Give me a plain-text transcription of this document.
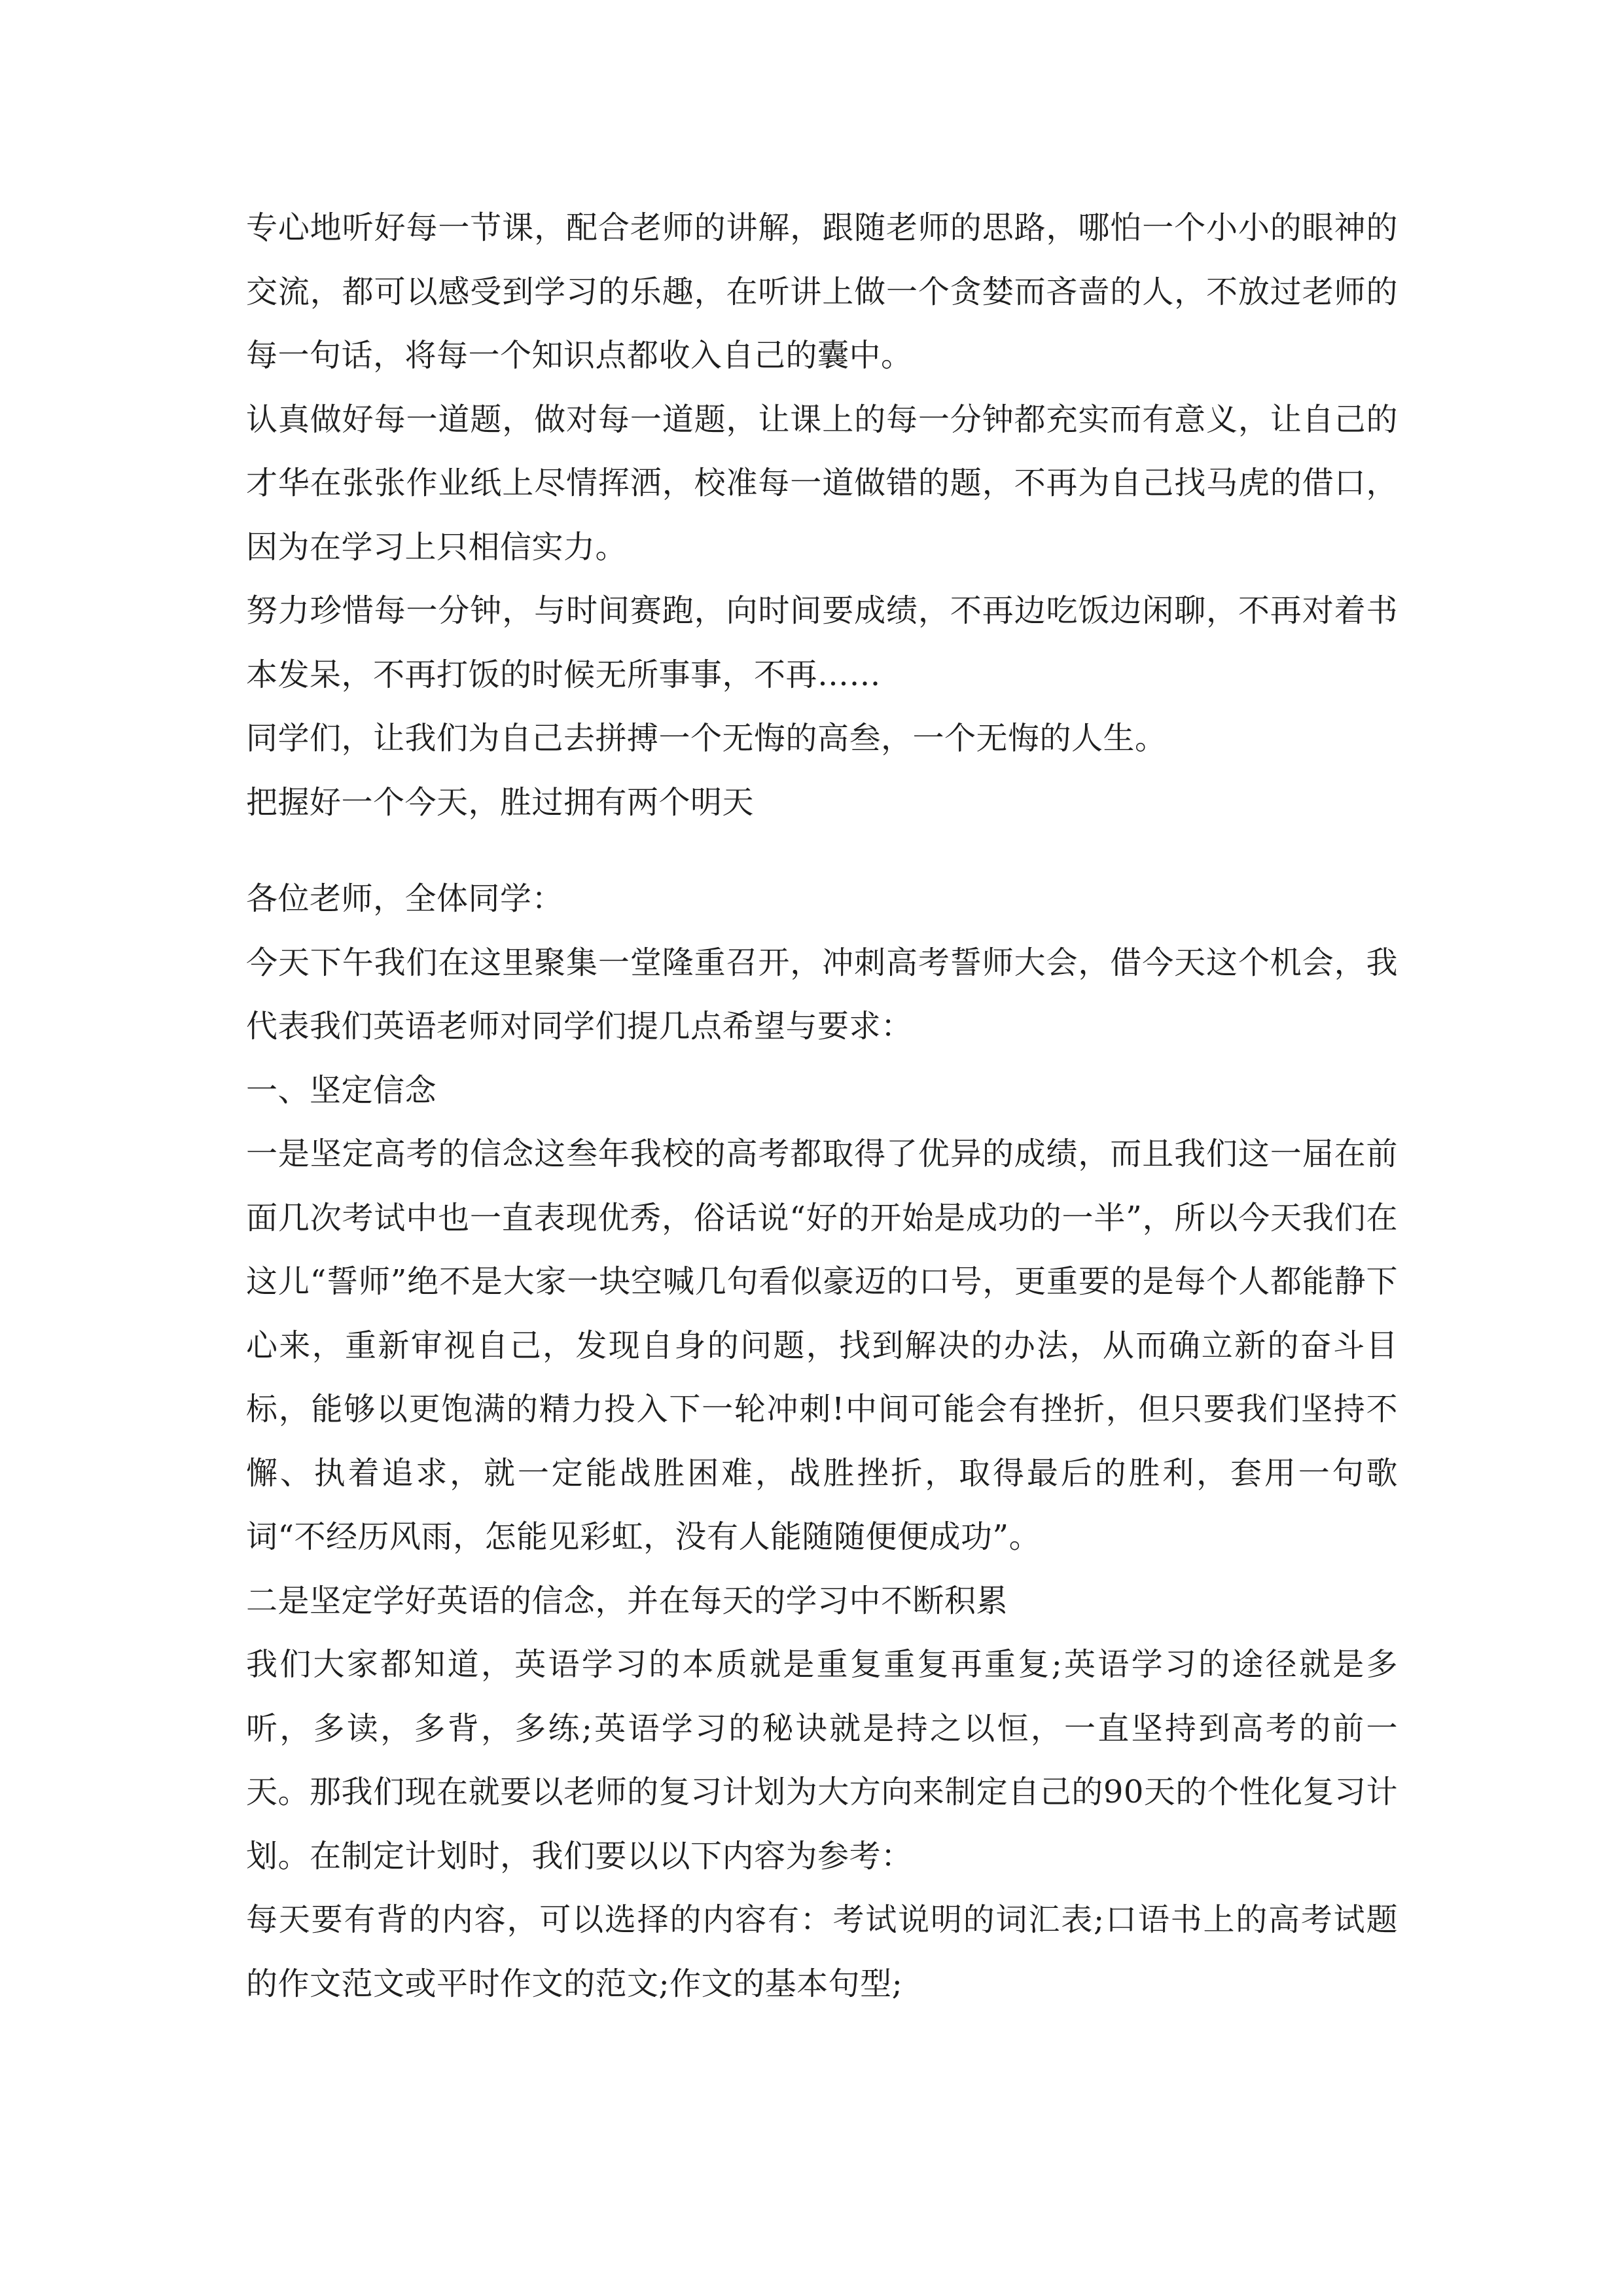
专心地听好每一节课，配合老师的讲解，跟随老师的思路，哪怕一个小小的眼神的交流，都可以感受到学习的乐趣，在听讲上做一个贪婪而吝啬的人，不放过老师的每一句话，将每一个知识点都收入自己的囊中。

认真做好每一道题，做对每一道题，让课上的每一分钟都充实而有意义，让自己的才华在张张作业纸上尽情挥洒，校准每一道做错的题，不再为自己找马虎的借口，因为在学习上只相信实力。

努力珍惜每一分钟，与时间赛跑，向时间要成绩，不再边吃饭边闲聊，不再对着书本发呆，不再打饭的时候无所事事，不再……

同学们，让我们为自己去拼搏一个无悔的高叁，一个无悔的人生。

把握好一个今天，胜过拥有两个明天

各位老师，全体同学：

今天下午我们在这里聚集一堂隆重召开，冲刺高考誓师大会，借今天这个机会，我代表我们英语老师对同学们提几点希望与要求：

一、坚定信念

一是坚定高考的信念这叁年我校的高考都取得了优异的成绩，而且我们这一届在前面几次考试中也一直表现优秀，俗话说“好的开始是成功的一半”，所以今天我们在这儿“誓师”绝不是大家一块空喊几句看似豪迈的口号，更重要的是每个人都能静下心来，重新审视自己，发现自身的问题，找到解决的办法，从而确立新的奋斗目标，能够以更饱满的精力投入下一轮冲刺!中间可能会有挫折，但只要我们坚持不懈、执着追求，就一定能战胜困难，战胜挫折，取得最后的胜利，套用一句歌词“不经历风雨，怎能见彩虹，没有人能随随便便成功”。

二是坚定学好英语的信念，并在每天的学习中不断积累

我们大家都知道，英语学习的本质就是重复重复再重复;英语学习的途径就是多听，多读，多背，多练;英语学习的秘诀就是持之以恒，一直坚持到高考的前一天。那我们现在就要以老师的复习计划为大方向来制定自己的90天的个性化复习计划。在制定计划时，我们要以以下内容为参考：

每天要有背的内容，可以选择的内容有：考试说明的词汇表;口语书上的高考试题的作文范文或平时作文的范文;作文的基本句型;
